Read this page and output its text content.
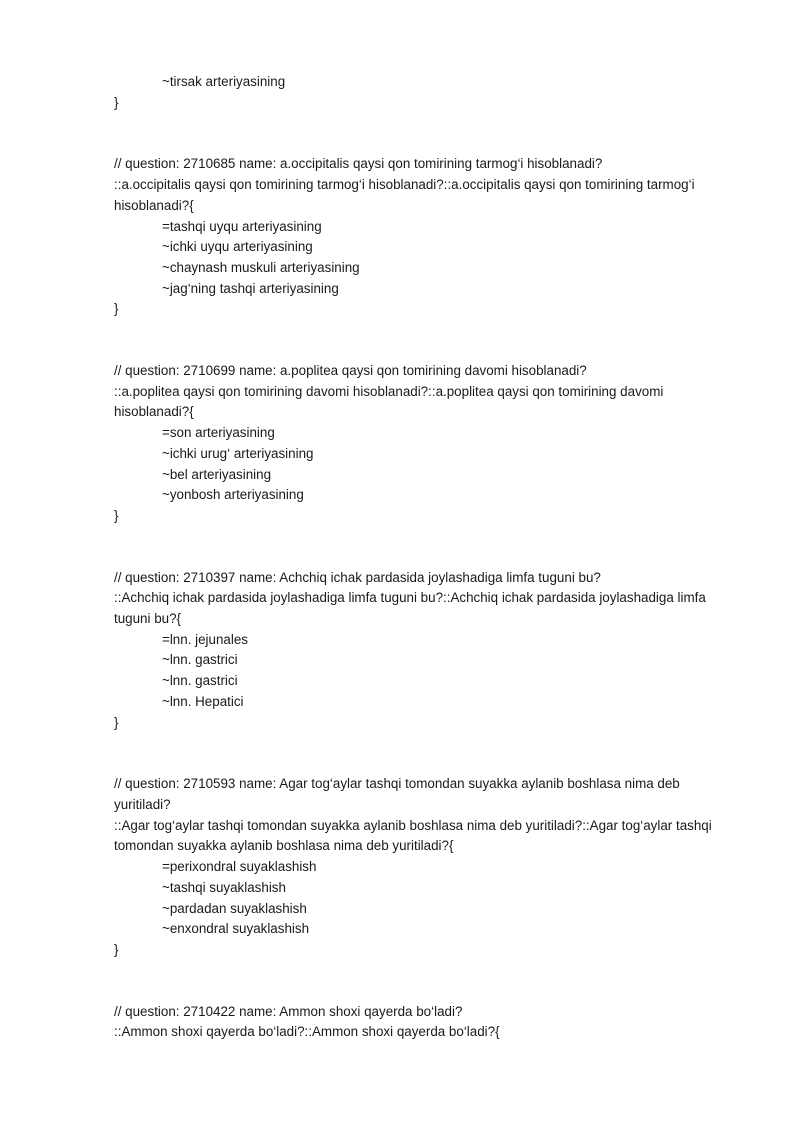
~tirsak arteriyasining

}

// question: 2710685 name: a.occipitalis qaysi qon tomirining tarmog‘i hisoblanadi?

::a.occipitalis qaysi qon tomirining tarmog‘i hisoblanadi?::a.occipitalis qaysi qon tomirining tarmog‘i hisoblanadi?{

=tashqi uyqu arteriyasining

~ichki uyqu arteriyasining

~chaynash muskuli arteriyasining

~jag‘ning tashqi arteriyasining

}

// question: 2710699 name: a.poplitea qaysi qon tomirining davomi hisoblanadi?

::a.poplitea qaysi qon tomirining davomi hisoblanadi?::a.poplitea qaysi qon tomirining davomi hisoblanadi?{

=son arteriyasining

~ichki urug‘ arteriyasining

~bel arteriyasining

~yonbosh arteriyasining

}

// question: 2710397 name: Achchiq ichak pardasida joylashadiga limfa tuguni bu?

::Achchiq ichak pardasida joylashadiga limfa tuguni bu?::Achchiq ichak pardasida joylashadiga limfa tuguni bu?{

=lnn. jejunales

~lnn. gastrici

~lnn. gastrici

~lnn. Hepatici

}

// question: 2710593 name: Agar tog‘aylar tashqi tomondan suyakka aylanib boshlasa nima deb yuritiladi?

::Agar tog‘aylar tashqi tomondan suyakka aylanib boshlasa nima deb yuritiladi?::Agar tog‘aylar tashqi tomondan suyakka aylanib boshlasa nima deb yuritiladi?{

=perixondral suyaklashish

~tashqi suyaklashish

~pardadan suyaklashish

~enxondral suyaklashish

}

// question: 2710422 name: Ammon shoxi qayerda bo‘ladi?

::Ammon shoxi qayerda bo‘ladi?::Ammon shoxi qayerda bo‘ladi?{
